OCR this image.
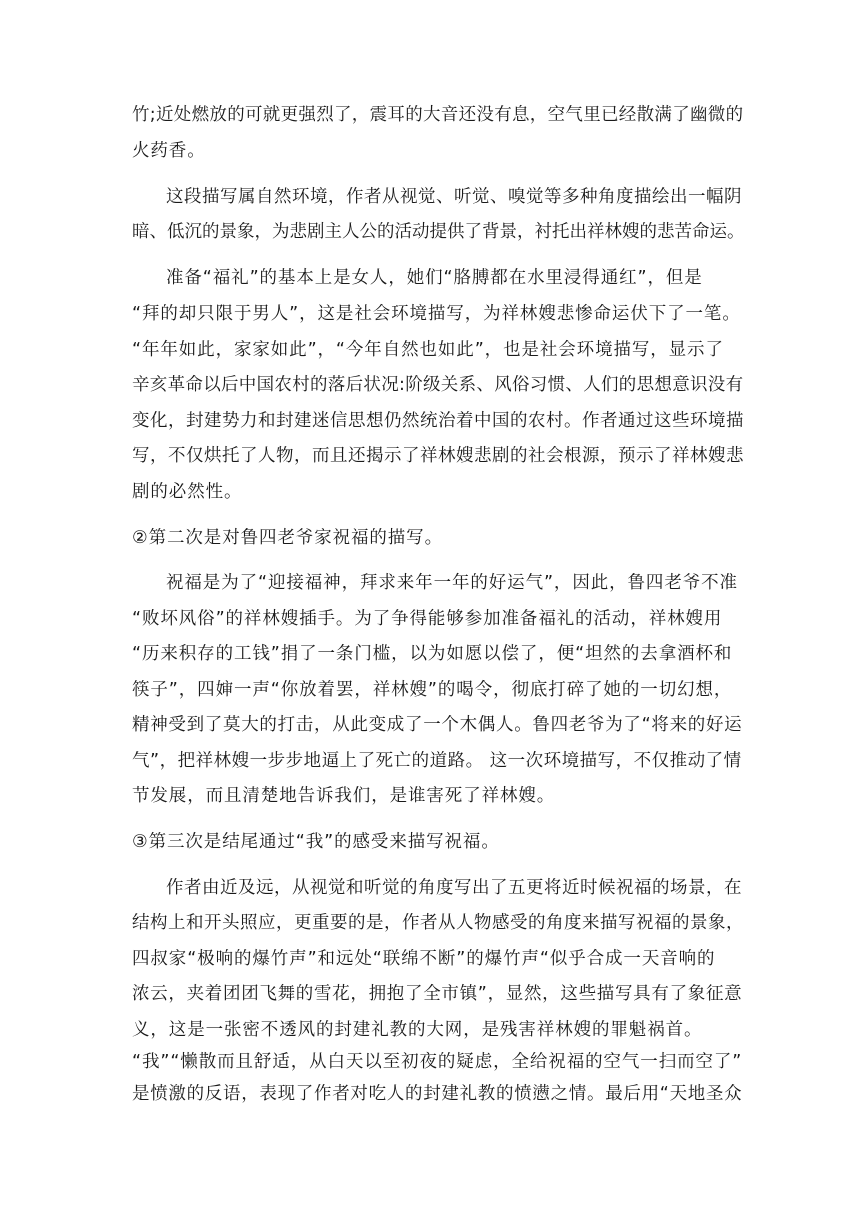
竹;近处燃放的可就更强烈了，震耳的大音还没有息，空气里已经散满了幽微的
火药香。
这段描写属自然环境，作者从视觉、听觉、嗅觉等多种角度描绘出一幅阴
暗、低沉的景象，为悲剧主人公的活动提供了背景，衬托出祥林嫂的悲苦命运。
准备“福礼”的基本上是女人，她们“胳膊都在水里浸得通红”，但是
“拜的却只限于男人”，这是社会环境描写，为祥林嫂悲惨命运伏下了一笔。
“年年如此，家家如此”，“今年自然也如此”，也是社会环境描写，显示了
辛亥革命以后中国农村的落后状况:阶级关系、风俗习惯、人们的思想意识没有
变化，封建势力和封建迷信思想仍然统治着中国的农村。作者通过这些环境描
写，不仅烘托了人物，而且还揭示了祥林嫂悲剧的社会根源，预示了祥林嫂悲
剧的必然性。
②第二次是对鲁四老爷家祝福的描写。
祝福是为了“迎接福神，拜求来年一年的好运气”，因此，鲁四老爷不准
“败坏风俗”的祥林嫂插手。为了争得能够参加准备福礼的活动，祥林嫂用
“历来积存的工钱”捐了一条门槛，以为如愿以偿了，便“坦然的去拿酒杯和
筷子”，四婶一声“你放着罢，祥林嫂”的喝令，彻底打碎了她的一切幻想，
精神受到了莫大的打击，从此变成了一个木偶人。鲁四老爷为了“将来的好运
气”，把祥林嫂一步步地逼上了死亡的道路。 这一次环境描写，不仅推动了情
节发展，而且清楚地告诉我们，是谁害死了祥林嫂。
③第三次是结尾通过“我”的感受来描写祝福。
作者由近及远，从视觉和听觉的角度写出了五更将近时候祝福的场景，在
结构上和开头照应，更重要的是，作者从人物感受的角度来描写祝福的景象，
四叔家“极响的爆竹声”和远处“联绵不断”的爆竹声“似乎合成一天音响的
浓云，夹着团团飞舞的雪花，拥抱了全市镇”，显然，这些描写具有了象征意
义，这是一张密不透风的封建礼教的大网，是残害祥林嫂的罪魁祸首。
“我”“懒散而且舒适，从白天以至初夜的疑虑，全给祝福的空气一扫而空了”
是愤激的反语，表现了作者对吃人的封建礼教的愤懑之情。最后用“天地圣众
